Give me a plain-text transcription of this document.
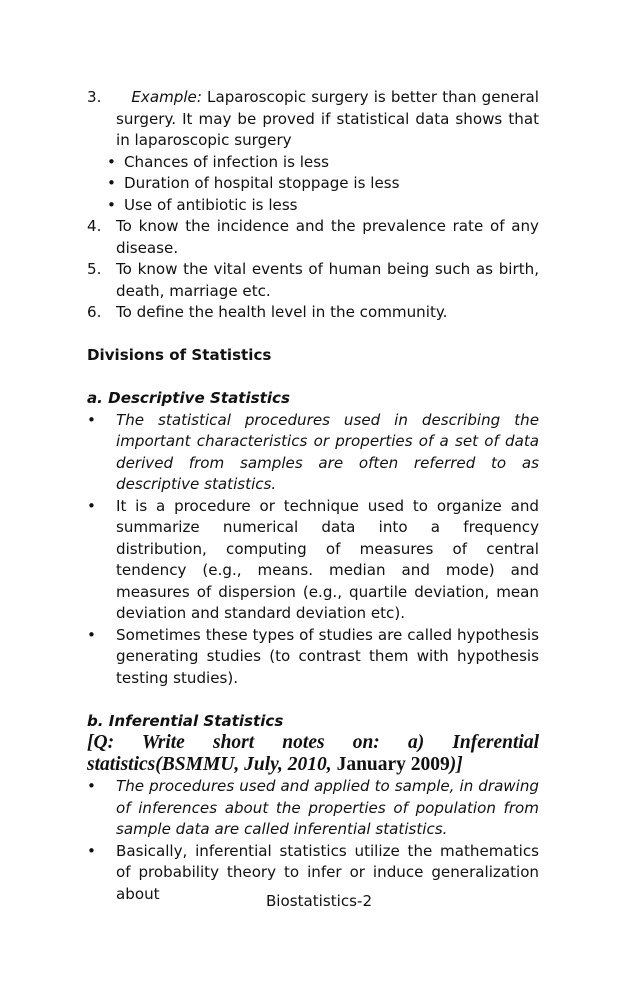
3.	Example: Laparoscopic surgery is better than general surgery. It may be proved if statistical data shows that in laparoscopic surgery
• Chances of infection is less
• Duration of hospital stoppage is less
• Use of antibiotic is less
4. To know the incidence and the prevalence rate of any disease.
5. To know the vital events of human being such as birth, death, marriage etc.
6. To define the health level in the community.
Divisions of Statistics
a. Descriptive Statistics
• The statistical procedures used in describing the important characteristics or properties of a set of data derived from samples are often referred to as descriptive statistics.
• It is a procedure or technique used to organize and summarize numerical data into a frequency distribution, computing of measures of central tendency (e.g., means. median and mode) and measures of dispersion (e.g., quartile deviation, mean deviation and standard deviation etc).
• Sometimes these types of studies are called hypothesis generating studies (to contrast them with hypothesis testing studies).
b. Inferential Statistics
[Q: Write short notes on: a) Inferential statistics(BSMMU, July, 2010, January 2009)]
• The procedures used and applied to sample, in drawing of inferences about the properties of population from sample data are called inferential statistics.
• Basically, inferential statistics utilize the mathematics of probability theory to infer or induce generalization about	Biostatistics-2
